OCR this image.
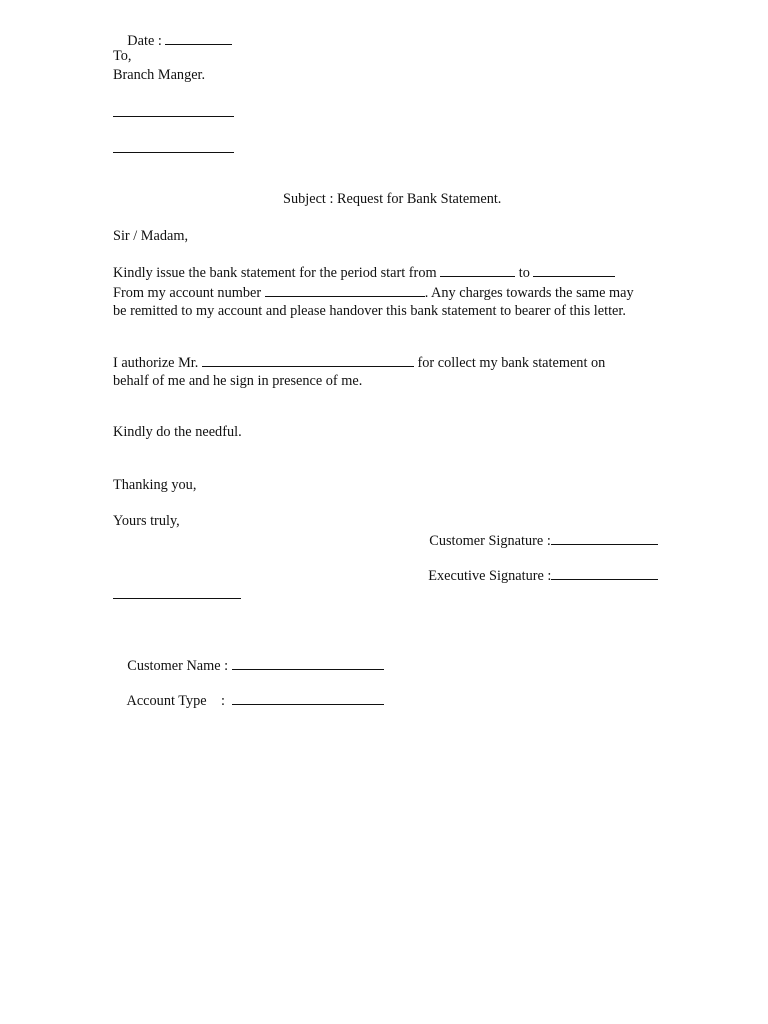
Date :

To,
Branch Manger.
Subject : Request for Bank Statement.
Sir / Madam,
Kindly issue the bank statement for the period start from	to
From my account number	. Any charges towards the same may
be remitted to my account and please handover this bank statement to bearer of this letter.
I authorize Mr.	for collect my bank statement on
behalf of me and he sign in presence of me.
Kindly do the needful.
Thanking you,
Yours truly,

Customer Signature :

Executive Signature :

Customer Name :

Account Type    :
